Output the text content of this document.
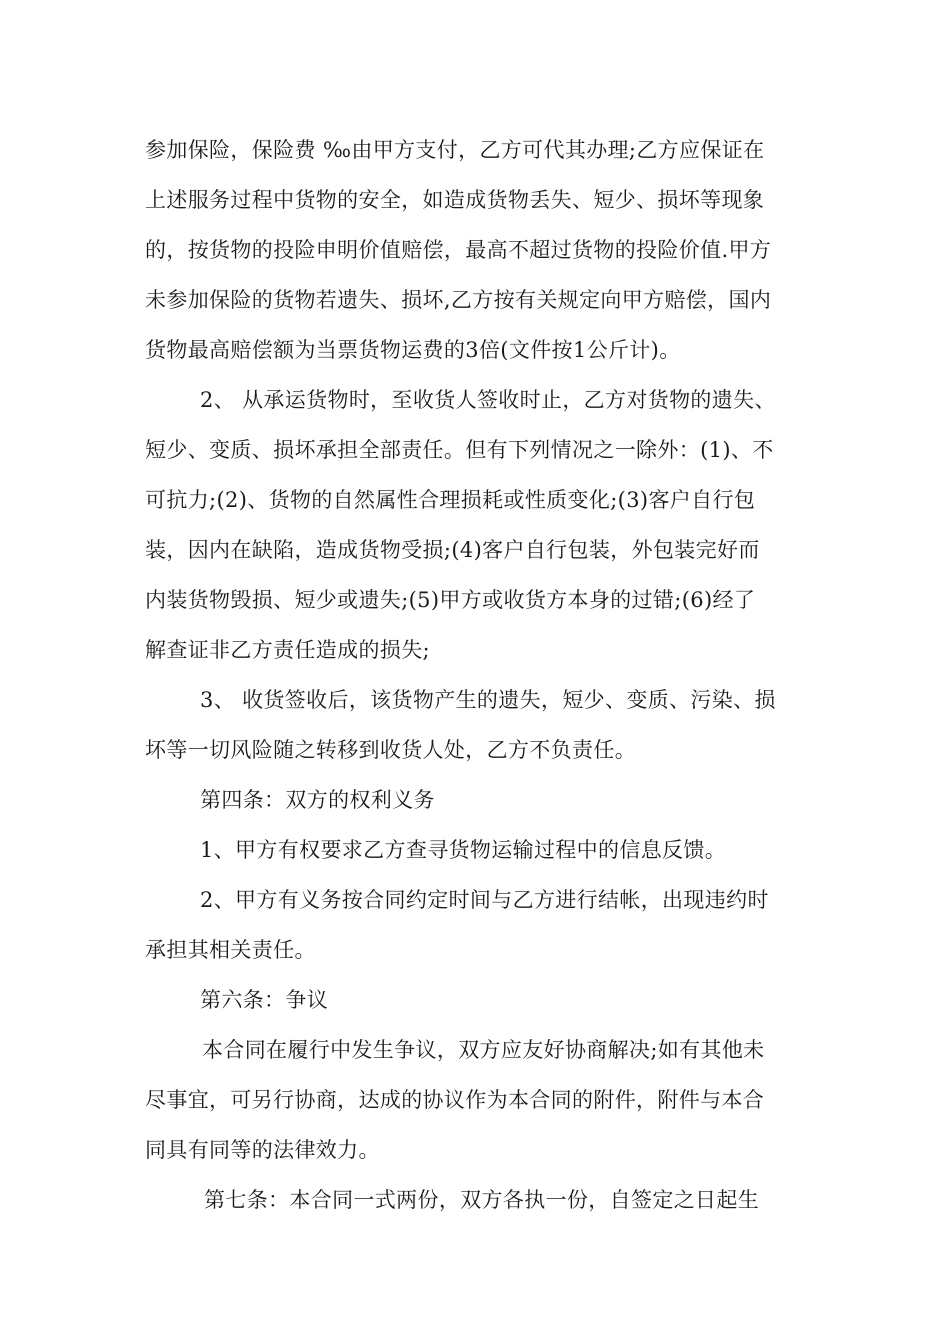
参加保险，保险费 ‰由甲方支付，乙方可代其办理;乙方应保证在
上述服务过程中货物的安全，如造成货物丢失、短少、损坏等现象
的，按货物的投险申明价值赔偿，最高不超过货物的投险价值.甲方
未参加保险的货物若遗失、损坏,乙方按有关规定向甲方赔偿，国内
货物最高赔偿额为当票货物运费的3倍(文件按1公斤计)。
2、 从承运货物时，至收货人签收时止，乙方对货物的遗失、
短少、变质、损坏承担全部责任。但有下列情况之一除外：(1)、不
可抗力;(2)、货物的自然属性合理损耗或性质变化;(3)客户自行包
装，因内在缺陷，造成货物受损;(4)客户自行包装，外包装完好而
内装货物毁损、短少或遗失;(5)甲方或收货方本身的过错;(6)经了
解查证非乙方责任造成的损失;
3、 收货签收后，该货物产生的遗失，短少、变质、污染、损
坏等一切风险随之转移到收货人处，乙方不负责任。
第四条：双方的权利义务
1、甲方有权要求乙方查寻货物运输过程中的信息反馈。
2、甲方有义务按合同约定时间与乙方进行结帐，出现违约时
承担其相关责任。
第六条：争议
本合同在履行中发生争议，双方应友好协商解决;如有其他未
尽事宜，可另行协商，达成的协议作为本合同的附件，附件与本合
同具有同等的法律效力。
第七条：本合同一式两份，双方各执一份，自签定之日起生
